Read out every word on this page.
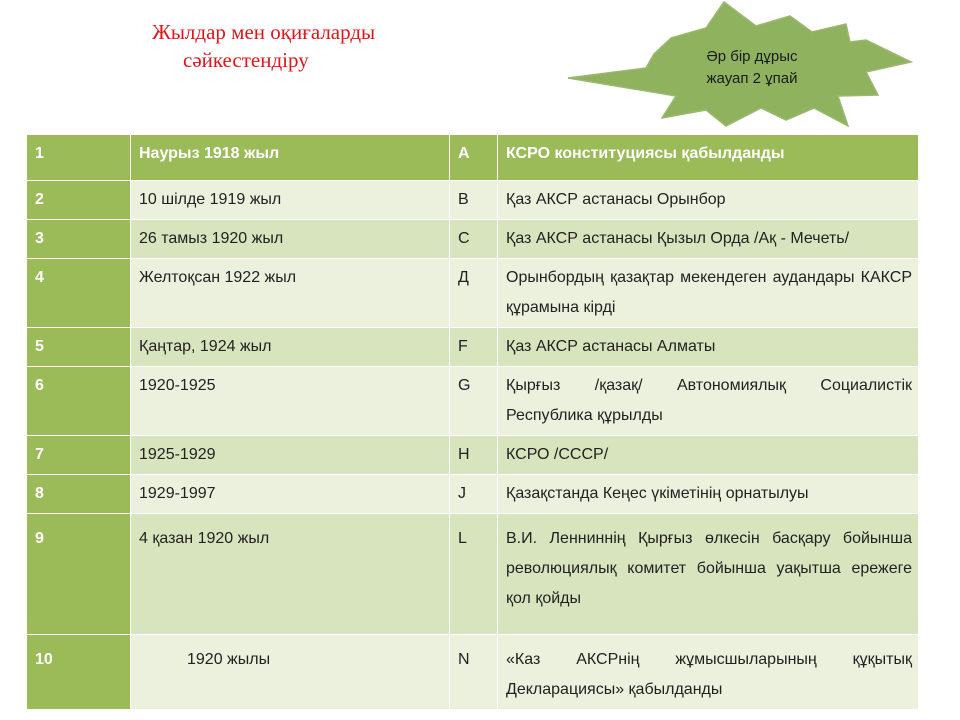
Жылдар мен оқиғаларды
сәйкестендіру	Әр бір дұрыс
жауап 2 ұпай
1	Наурыз 1918 жыл	А	КСРО конституциясы қабылданды
2	10 шілде 1919 жыл	В	Қаз АКСР астанасы Орынбор
3	26 тамыз 1920 жыл	С	Қаз АКСР астанасы Қызыл Орда /Ақ - Мечеть/
4	Желтоқсан 1922 жыл	Д	Орынбордың қазақтар мекендеген аудандары КАКСР құрамына кірді
5	Қаңтар, 1924 жыл	F	Қаз АКСР астанасы Алматы
6	1920-1925	G	Қырғыз /қазақ/ Автономиялық Социалистік Республика құрылды
7	1925-1929	H	КСРО /СССР/
8	1929-1997	J	Қазақстанда Кеңес үкіметінің орнатылуы
9	4 қазан 1920 жыл	L	В.И. Ленниннің Қырғыз өлкесін басқару бойынша революциялық комитет бойынша уақытша ережеге қол қойды
10	1920 жылы	N	«Каз АКСРнің жұмысшыларының құқытық Декларациясы» қабылданды
